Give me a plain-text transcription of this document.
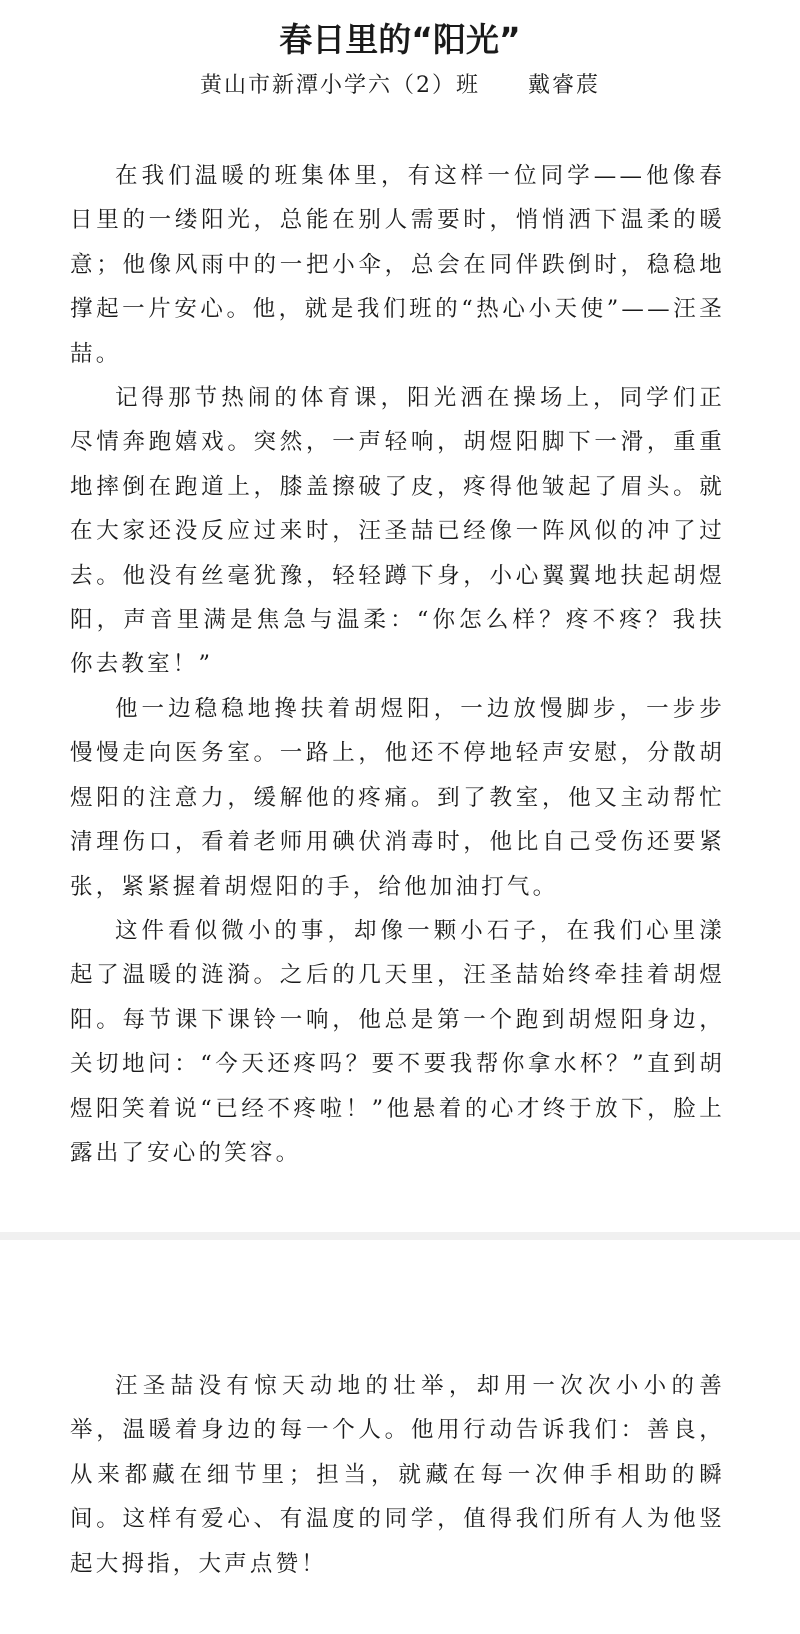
春日里的“阳光”
黄山市新潭小学六（2）班 戴睿莀

在我们温暖的班集体里，有这样一位同学——他像春日里的一缕阳光，总能在别人需要时，悄悄洒下温柔的暖意；他像风雨中的一把小伞，总会在同伴跌倒时，稳稳地撑起一片安心。他，就是我们班的“热心小天使”——汪圣喆。

记得那节热闹的体育课，阳光洒在操场上，同学们正尽情奔跑嬉戏。突然，一声轻响，胡煜阳脚下一滑，重重地摔倒在跑道上，膝盖擦破了皮，疼得他皱起了眉头。就在大家还没反应过来时，汪圣喆已经像一阵风似的冲了过去。他没有丝毫犹豫，轻轻蹲下身，小心翼翼地扶起胡煜阳，声音里满是焦急与温柔：“你怎么样？疼不疼？我扶你去教室！”

他一边稳稳地搀扶着胡煜阳，一边放慢脚步，一步步慢慢走向医务室。一路上，他还不停地轻声安慰，分散胡煜阳的注意力，缓解他的疼痛。到了教室，他又主动帮忙清理伤口，看着老师用碘伏消毒时，他比自己受伤还要紧张，紧紧握着胡煜阳的手，给他加油打气。

这件看似微小的事，却像一颗小石子，在我们心里漾起了温暖的涟漪。之后的几天里，汪圣喆始终牵挂着胡煜阳。每节课下课铃一响，他总是第一个跑到胡煜阳身边，关切地问：“今天还疼吗？要不要我帮你拿水杯？”直到胡煜阳笑着说“已经不疼啦！”他悬着的心才终于放下，脸上露出了安心的笑容。

汪圣喆没有惊天动地的壮举，却用一次次小小的善举，温暖着身边的每一个人。他用行动告诉我们：善良，从来都藏在细节里；担当，就藏在每一次伸手相助的瞬间。这样有爱心、有温度的同学，值得我们所有人为他竖起大拇指，大声点赞！
